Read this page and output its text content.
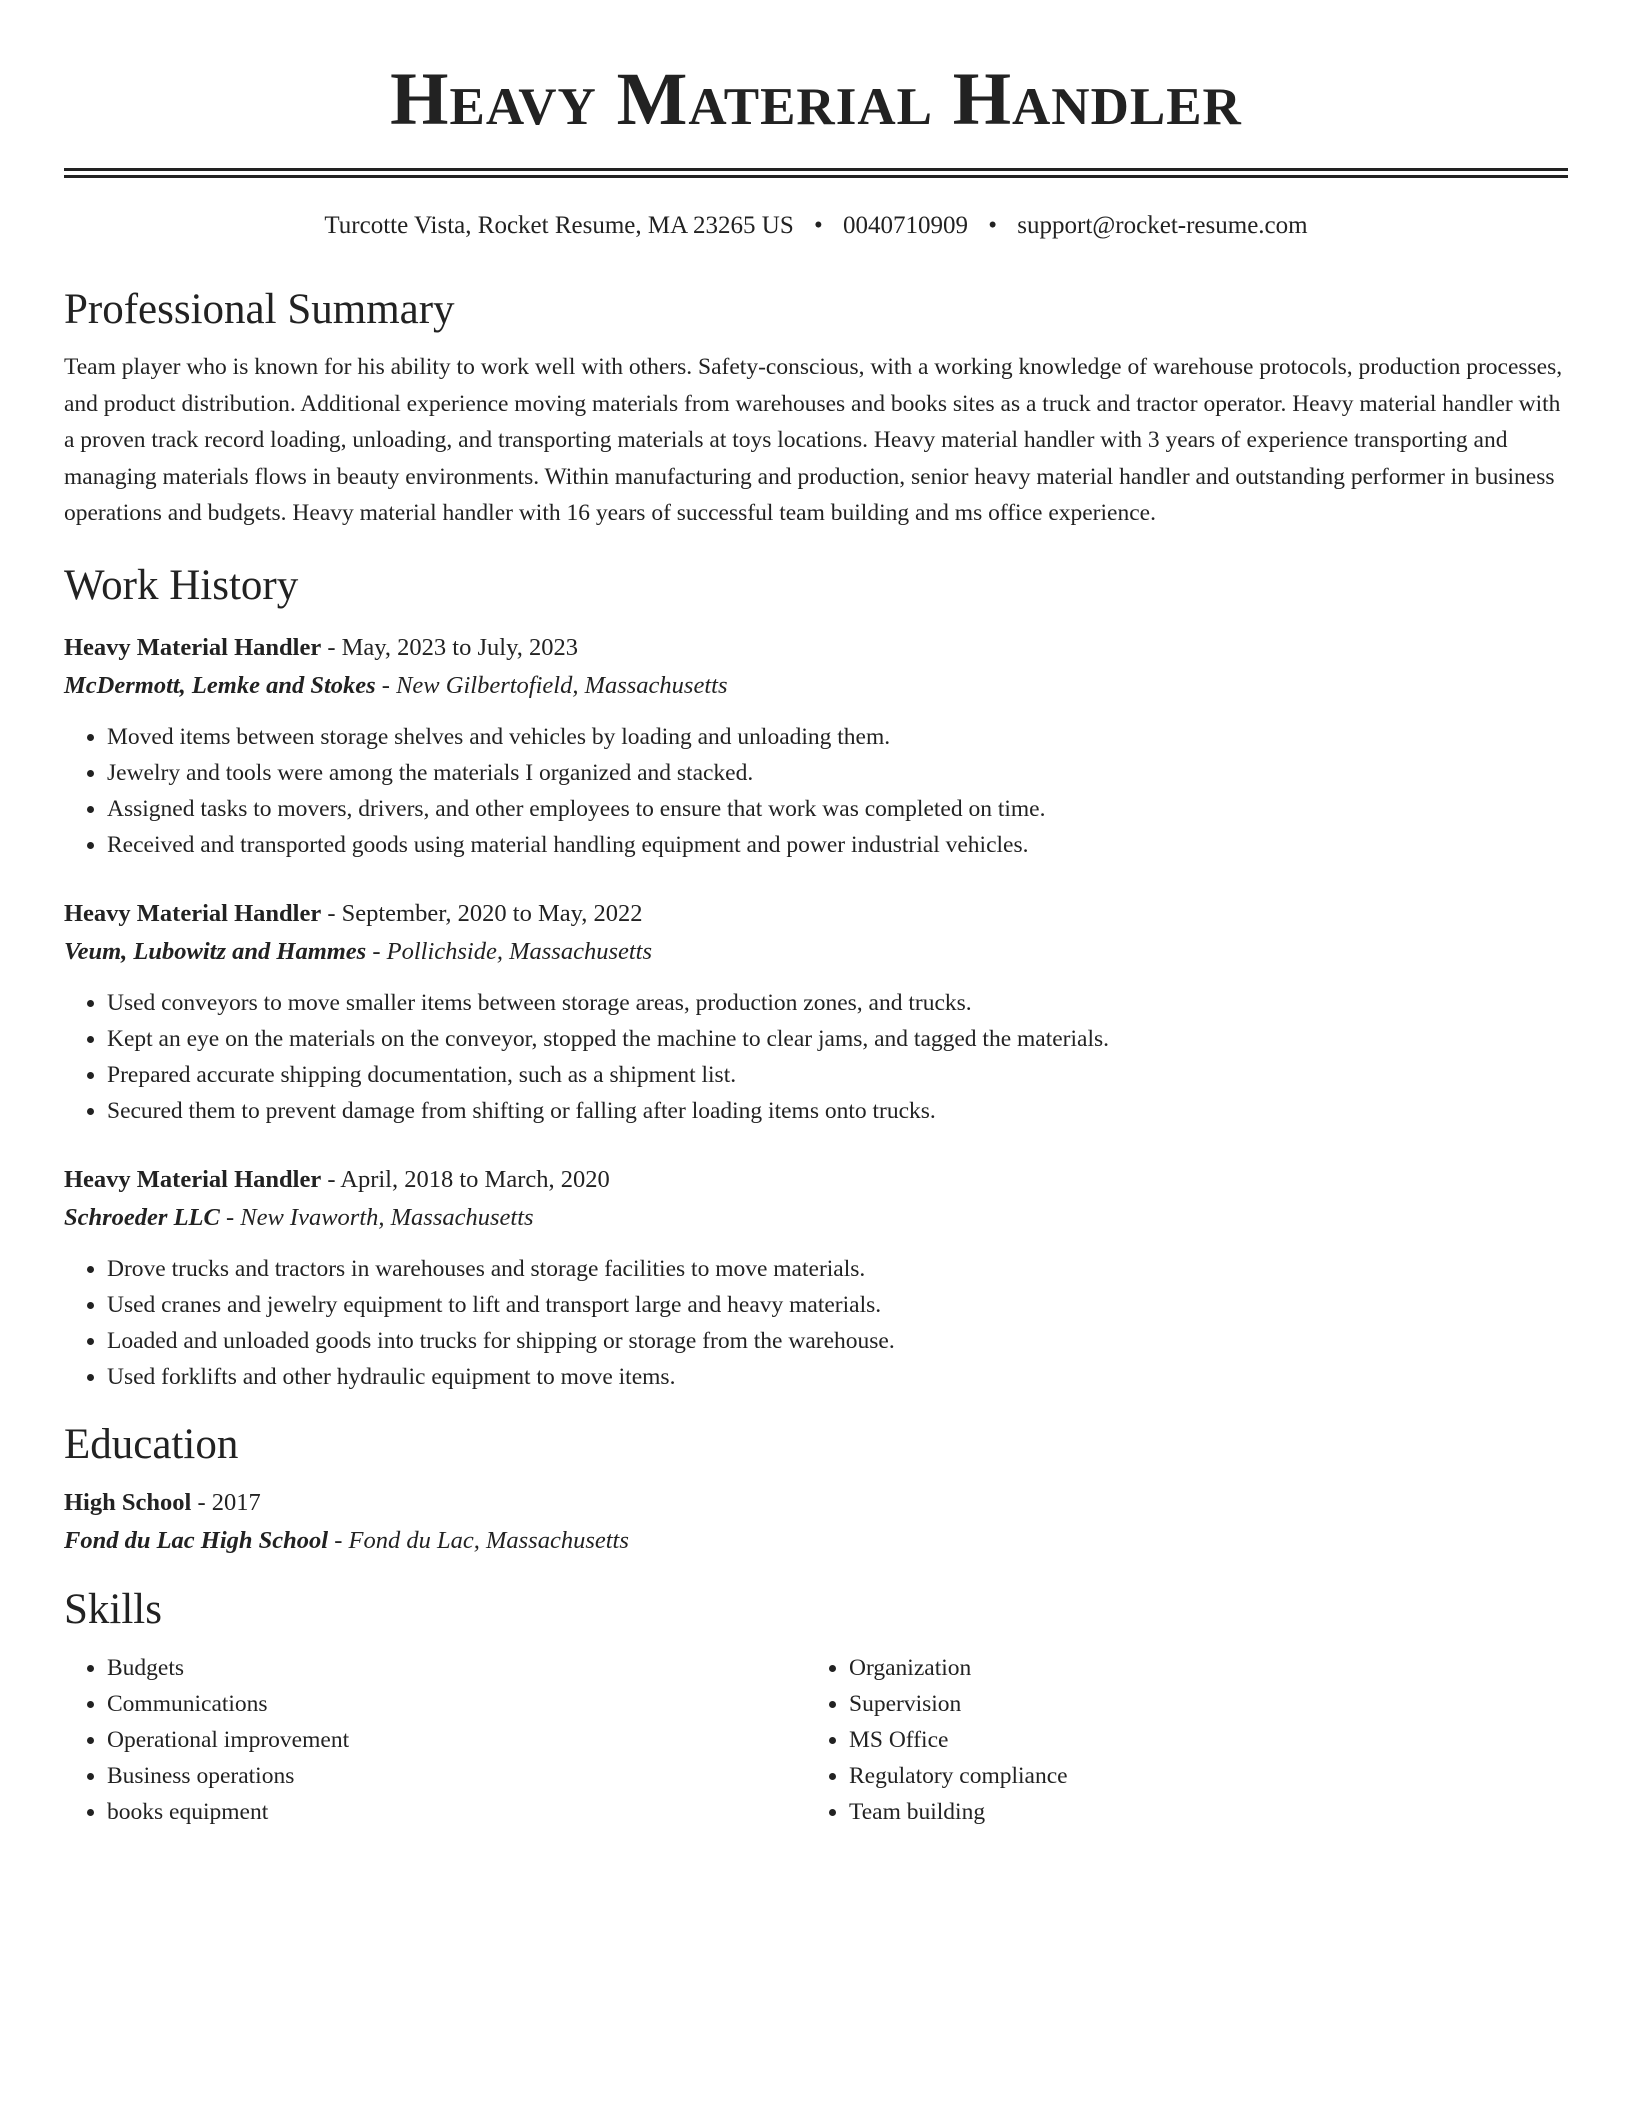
Heavy Material Handler
Turcotte Vista, Rocket Resume, MA 23265 US • 0040710909 • support@rocket-resume.com
Professional Summary
Team player who is known for his ability to work well with others. Safety-conscious, with a working knowledge of warehouse protocols, production processes, and product distribution. Additional experience moving materials from warehouses and books sites as a truck and tractor operator. Heavy material handler with a proven track record loading, unloading, and transporting materials at toys locations. Heavy material handler with 3 years of experience transporting and managing materials flows in beauty environments. Within manufacturing and production, senior heavy material handler and outstanding performer in business operations and budgets. Heavy material handler with 16 years of successful team building and ms office experience.
Work History
Heavy Material Handler - May, 2023 to July, 2023
McDermott, Lemke and Stokes - New Gilbertofield, Massachusetts
• Moved items between storage shelves and vehicles by loading and unloading them.
• Jewelry and tools were among the materials I organized and stacked.
• Assigned tasks to movers, drivers, and other employees to ensure that work was completed on time.
• Received and transported goods using material handling equipment and power industrial vehicles.
Heavy Material Handler - September, 2020 to May, 2022
Veum, Lubowitz and Hammes - Pollichside, Massachusetts
• Used conveyors to move smaller items between storage areas, production zones, and trucks.
• Kept an eye on the materials on the conveyor, stopped the machine to clear jams, and tagged the materials.
• Prepared accurate shipping documentation, such as a shipment list.
• Secured them to prevent damage from shifting or falling after loading items onto trucks.
Heavy Material Handler - April, 2018 to March, 2020
Schroeder LLC - New Ivaworth, Massachusetts
• Drove trucks and tractors in warehouses and storage facilities to move materials.
• Used cranes and jewelry equipment to lift and transport large and heavy materials.
• Loaded and unloaded goods into trucks for shipping or storage from the warehouse.
• Used forklifts and other hydraulic equipment to move items.
Education
High School - 2017
Fond du Lac High School - Fond du Lac, Massachusetts
Skills
• Budgets
• Communications
• Operational improvement
• Business operations
• books equipment
• Organization
• Supervision
• MS Office
• Regulatory compliance
• Team building
